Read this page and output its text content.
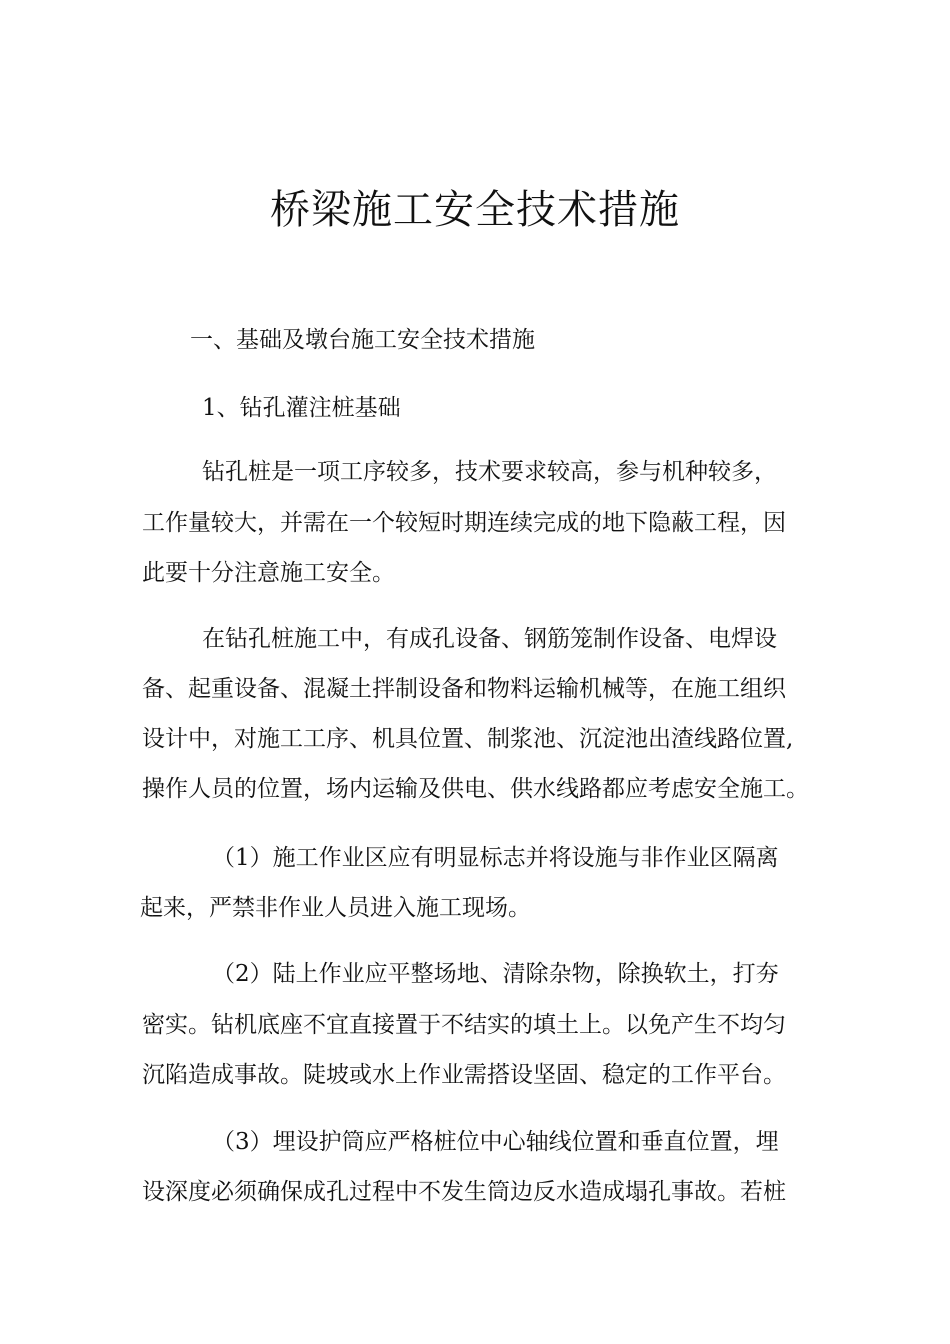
桥梁施工安全技术措施
一、基础及墩台施工安全技术措施
1、钻孔灌注桩基础
钻孔桩是一项工序较多，技术要求较高，参与机种较多，
工作量较大，并需在一个较短时期连续完成的地下隐蔽工程，因
此要十分注意施工安全。
在钻孔桩施工中，有成孔设备、钢筋笼制作设备、电焊设
备、起重设备、混凝土拌制设备和物料运输机械等，在施工组织
设计中，对施工工序、机具位置、制浆池、沉淀池出渣线路位置,
操作人员的位置，场内运输及供电、供水线路都应考虑安全施工。
（1）施工作业区应有明显标志并将设施与非作业区隔离
起来，严禁非作业人员进入施工现场。
（2）陆上作业应平整场地、清除杂物，除换软土，打夯
密实。钻机底座不宜直接置于不结实的填土上。以免产生不均匀
沉陷造成事故。陡坡或水上作业需搭设坚固、稳定的工作平台。
（3）埋设护筒应严格桩位中心轴线位置和垂直位置，埋
设深度必须确保成孔过程中不发生筒边反水造成塌孔事故。若桩
